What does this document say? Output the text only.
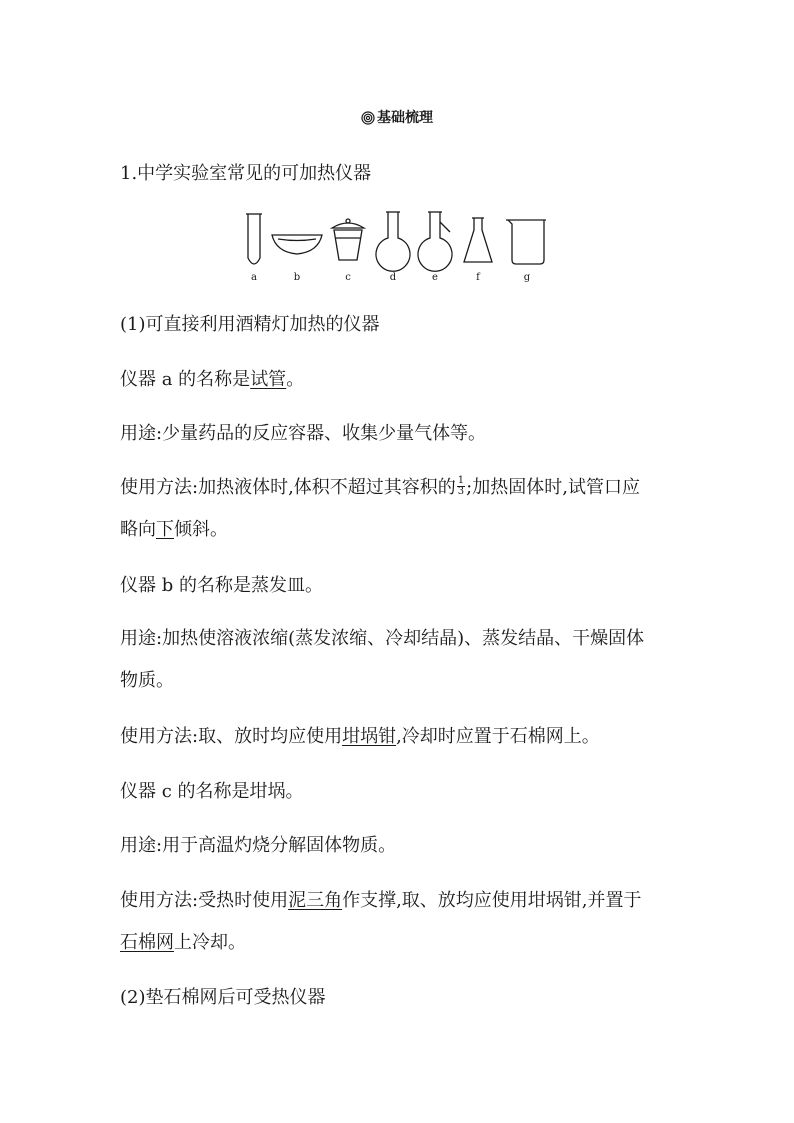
基础梳理
1.中学实验室常见的可加热仪器
a	b	c	d	e	f	g
(1)可直接利用酒精灯加热的仪器
仪器 a 的名称是试管。
用途:少量药品的反应容器、收集少量气体等。
使用方法:加热液体时,体积不超过其容积的 $\frac{1}{3}$ ;加热固体时,试管口应
略向下倾斜。
仪器 b 的名称是蒸发皿。
用途:加热使溶液浓缩(蒸发浓缩、冷却结晶)、蒸发结晶、干燥固体
物质。
使用方法:取、放时均应使用坩埚钳,冷却时应置于石棉网上。
仪器 c 的名称是坩埚。
用途:用于高温灼烧分解固体物质。
使用方法:受热时使用泥三角作支撑,取、放均应使用坩埚钳,并置于
石棉网上冷却。
(2)垫石棉网后可受热仪器
